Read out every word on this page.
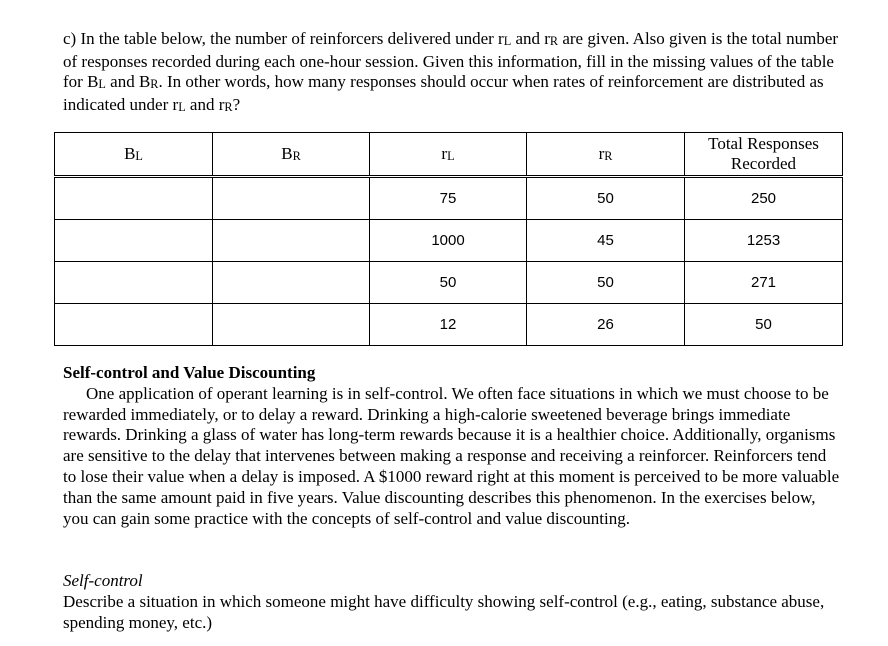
c) In the table below, the number of reinforcers delivered under rL and rR are given. Also given is the total number of responses recorded during each one-hour session. Given this information, fill in the missing values of the table for BL and BR. In other words, how many responses should occur when rates of reinforcement are distributed as indicated under rL and rR?

BL	BR	rL	rR	Total Responses
Recorded
		75	50	250
		1000	45	1253
		50	50	271
		12	26	50
Self-control and Value Discounting

One application of operant learning is in self-control. We often face situations in which we must choose to be rewarded immediately, or to delay a reward. Drinking a high-calorie sweetened beverage brings immediate rewards. Drinking a glass of water has long-term rewards because it is a healthier choice. Additionally, organisms are sensitive to the delay that intervenes between making a response and receiving a reinforcer. Reinforcers tend to lose their value when a delay is imposed. A $1000 reward right at this moment is perceived to be more valuable than the same amount paid in five years. Value discounting describes this phenomenon. In the exercises below, you can gain some practice with the concepts of self-control and value discounting.

Self-control

Describe a situation in which someone might have difficulty showing self-control (e.g., eating, substance abuse, spending money, etc.)
